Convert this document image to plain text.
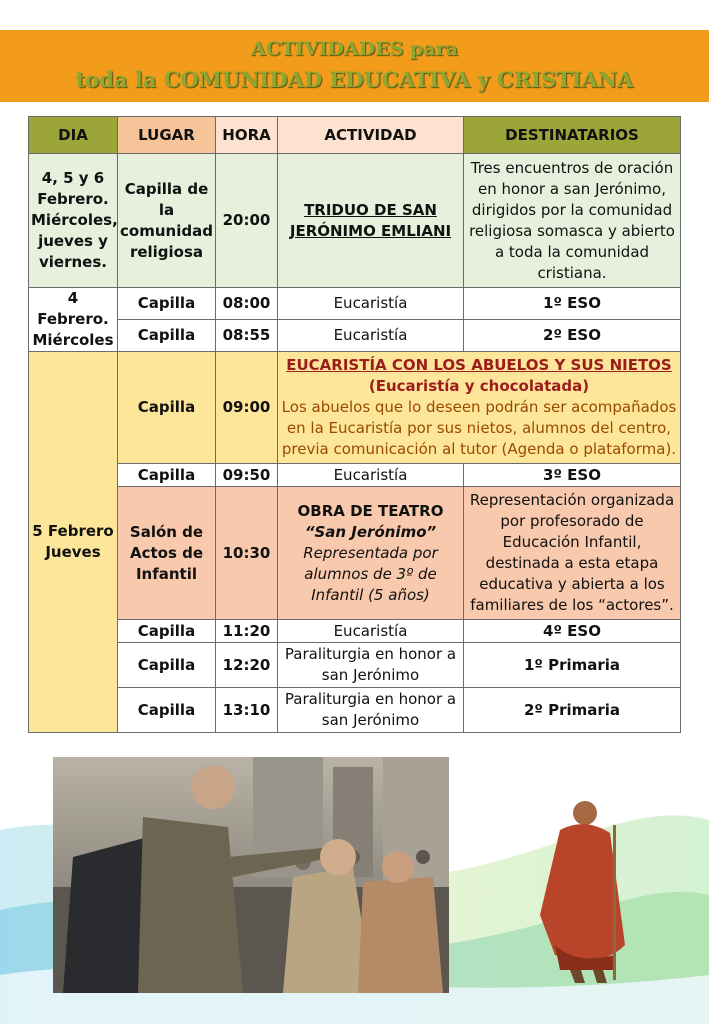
ACTIVIDADES para
toda la COMUNIDAD EDUCATIVA y CRISTIANA
DIA	LUGAR	HORA	ACTIVIDAD	DESTINATARIOS
4, 5 y 6 Febrero. Miércoles, jueves y viernes.	Capilla de la comunidad religiosa	20:00	TRIDUO DE SAN JERÓNIMO EMLIANI	Tres encuentros de oración en honor a san Jerónimo, dirigidos por la comunidad religiosa somasca y abierto a toda la comunidad cristiana.
4 Febrero. Miércoles	Capilla	08:00	Eucaristía	1º ESO
	Capilla	08:55	Eucaristía	2º ESO
5 Febrero Jueves	Capilla	09:00	EUCARISTÍA CON LOS ABUELOS Y SUS NIETOS
(Eucaristía y chocolatada)
Los abuelos que lo deseen podrán ser acompañados en la Eucaristía por sus nietos, alumnos del centro, previa comunicación al tutor (Agenda o plataforma).	

	Capilla	09:50	Eucaristía	3º ESO
	Salón de Actos de Infantil	10:30	OBRA DE TEATRO
“San Jerónimo”
Representada por alumnos de 3º de Infantil (5 años)	Representación organizada por profesorado de Educación Infantil, destinada a esta etapa educativa y abierta a los familiares de los “actores”.
	Capilla	11:20	Eucaristía	4º ESO
	Capilla	12:20	Paraliturgia en honor a san Jerónimo	1º Primaria
	Capilla	13:10	Paraliturgia en honor a san Jerónimo	2º Primaria
